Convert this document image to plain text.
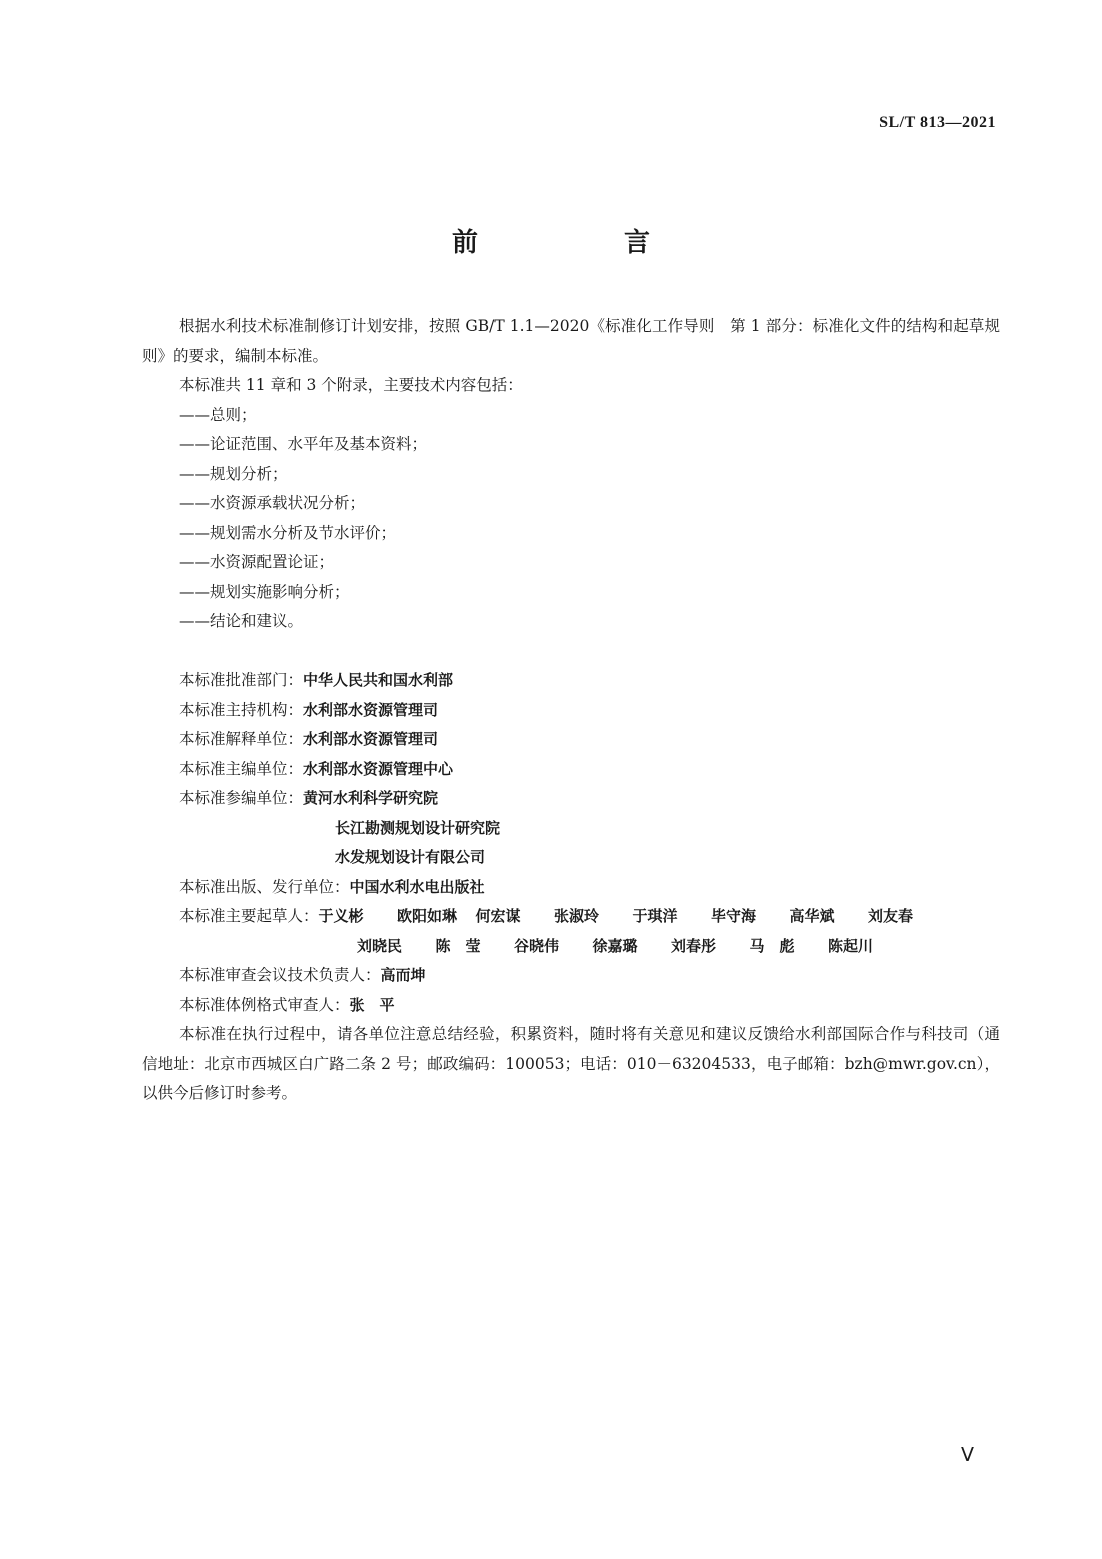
SL/T 813—2021
前　言

根据水利技术标准制修订计划安排，按照 GB/T 1.1—2020《标准化工作导则　第 1 部分：标准化文件的结构和起草规则》的要求，编制本标准。

本标准共 11 章和 3 个附录，主要技术内容包括：

——总则；

——论证范围、水平年及基本资料；

——规划分析；

——水资源承载状况分析；

——规划需水分析及节水评价；

——水资源配置论证；

——规划实施影响分析；

——结论和建议。

本标准批准部门：中华人民共和国水利部

本标准主持机构：水利部水资源管理司

本标准解释单位：水利部水资源管理司

本标准主编单位：水利部水资源管理中心

本标准参编单位：黄河水利科学研究院

长江勘测规划设计研究院

水发规划设计有限公司

本标准出版、发行单位：中国水利水电出版社

本标准主要起草人： 于义彬	欧阳如琳	何宏谋	张淑玲	于琪洋	毕守海	高华斌	刘友春

刘晓民	陈　莹	谷晓伟	徐嘉璐	刘春彤	马　彪	陈起川

本标准审查会议技术负责人：高而坤

本标准体例格式审查人：张　平

本标准在执行过程中，请各单位注意总结经验，积累资料，随时将有关意见和建议反馈给水利部国际合作与科技司（通信地址：北京市西城区白广路二条 2 号；邮政编码：100053；电话：010－63204533，电子邮箱：bzh@mwr.gov.cn），以供今后修订时参考。

Ⅴ
